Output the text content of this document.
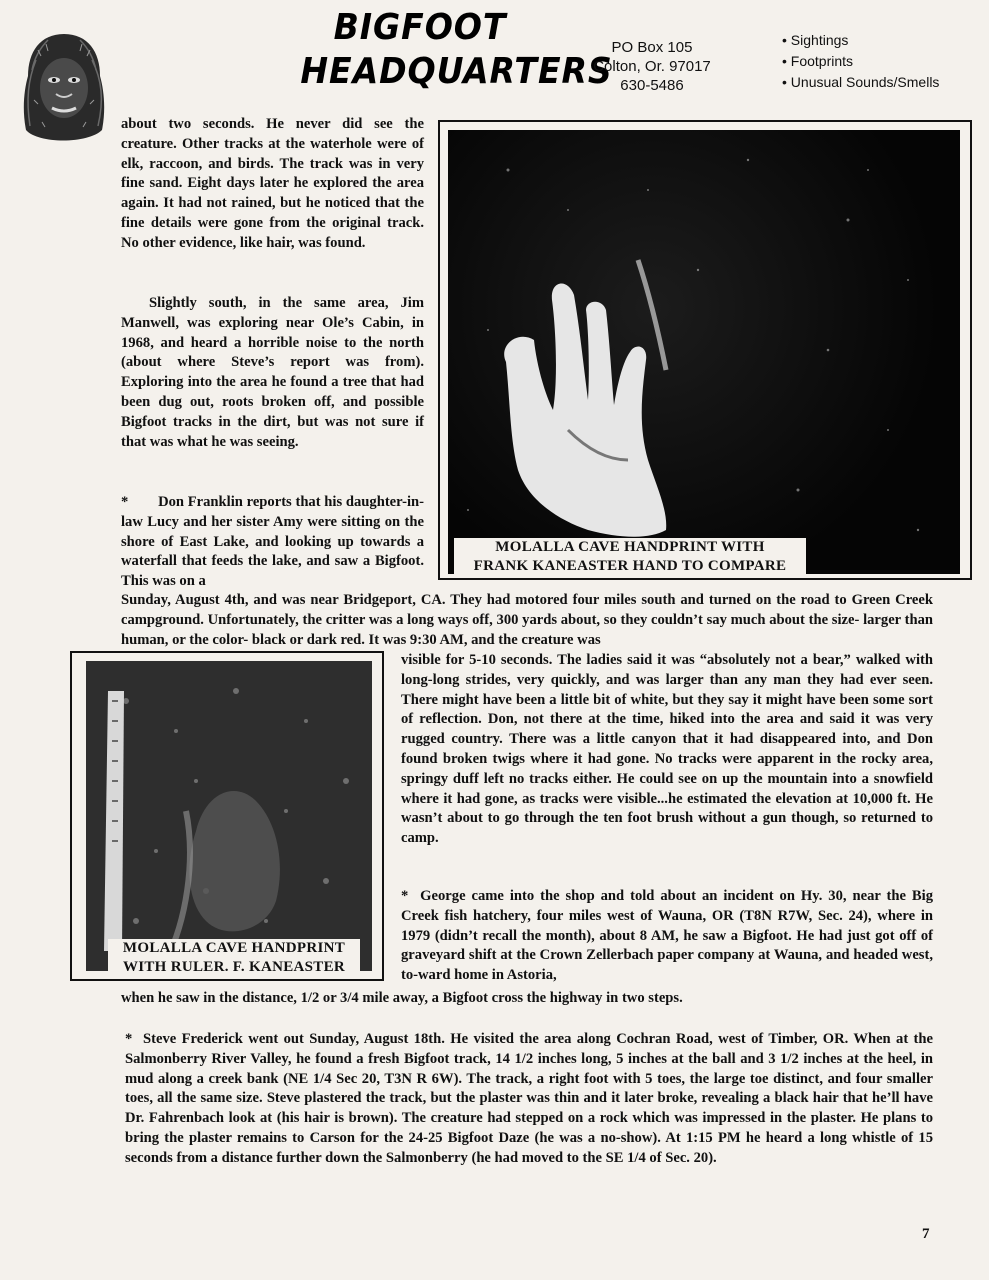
BIGFOOT
HEADQUARTERS
PO Box 105
Colton, Or. 97017
630-5486
• Sightings
• Footprints
• Unusual Sounds/Smells

about two seconds. He never did see the creature. Other tracks at the waterhole were of elk, raccoon, and birds. The track was in very fine sand. Eight days later he explored the area again. It had not rained, but he noticed that the fine details were gone from the original track. No other evidence, like hair, was found.

Slightly south, in the same area, Jim Manwell, was exploring near Ole’s Cabin, in 1968, and heard a horrible noise to the north (about where Steve’s report was from). Exploring into the area he found a tree that had been dug out, roots broken off, and possible Bigfoot tracks in the dirt, but was not sure if that was what he was seeing.

*        Don Franklin reports that his daughter-in-law Lucy and her sister Amy were sitting on the shore of East Lake, and looking up towards a waterfall that feeds the lake, and saw a Bigfoot. This was on a

MOLALLA CAVE HANDPRINT WITH
FRANK KANEASTER HAND TO COMPARE

Sunday, August 4th, and was near Bridgeport, CA. They had motored four miles south and turned on the road to Green Creek campground. Unfortunately, the critter was a long ways off, 300 yards about, so they couldn’t say much about the size- larger than human, or the color- black or dark red. It was 9:30 AM, and the creature was

MOLALLA CAVE HANDPRINT
WITH RULER. F. KANEASTER

visible for 5-10 seconds. The ladies said it was “absolutely not a bear,” walked with long-long strides, very quickly, and was larger than any man they had ever seen. There might have been a little bit of white, but they say it might have been some sort of reflection. Don, not there at the time, hiked into the area and said it was very rugged country. There was a little canyon that it had disappeared into, and Don found broken twigs where it had gone. No tracks were apparent in the rocky area, springy duff left no tracks either. He could see on up the mountain into a snowfield where it had gone, as tracks were visible...he estimated the elevation at 10,000 ft. He wasn’t about to go through the ten foot brush without a gun though, so returned to camp.

*  George came into the shop and told about an incident on Hy. 30, near the Big Creek fish hatchery, four miles west of Wauna, OR (T8N R7W, Sec. 24), where in 1979 (didn’t recall the month), about 8 AM, he saw a Bigfoot. He had just got off of graveyard shift at the Crown Zellerbach paper company at Wauna, and headed west, to-ward home in Astoria,

when he saw in the distance, 1/2 or 3/4 mile away, a Bigfoot cross the highway in two steps.

*  Steve Frederick went out Sunday, August 18th. He visited the area along Cochran Road, west of Timber, OR. When at the Salmonberry River Valley, he found a fresh Bigfoot track, 14 1/2 inches long, 5 inches at the ball and 3 1/2 inches at the heel, in mud along a creek bank (NE 1/4 Sec 20, T3N R 6W). The track, a right foot with 5 toes, the large toe distinct, and four smaller toes, all the same size. Steve plastered the track, but the plaster was thin and it later broke, revealing a black hair that he’ll have Dr. Fahrenbach look at (his hair is brown). The creature had stepped on a rock which was impressed in the plaster. He plans to bring the plaster remains to Carson for the 24-25 Bigfoot Daze (he was a no-show). At 1:15 PM he heard a long whistle of 15 seconds from a distance further down the Salmonberry (he had moved to the SE 1/4 of Sec. 20).

7
